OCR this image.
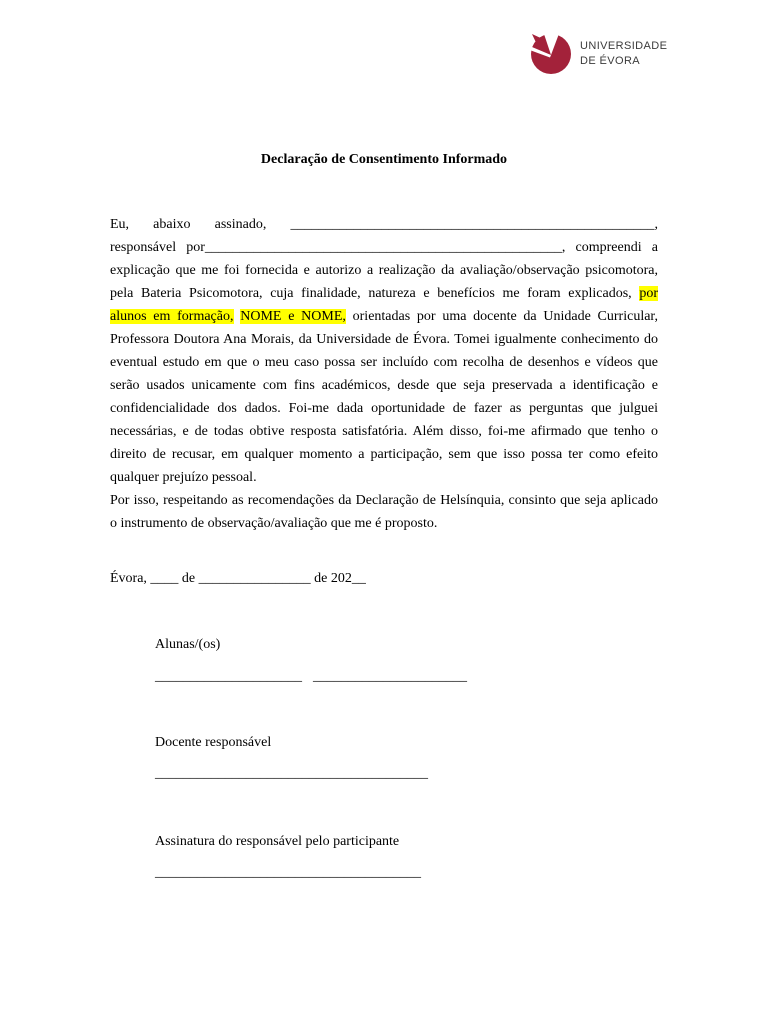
UNIVERSIDADE
DE ÉVORA
Declaração de Consentimento Informado
Eu, abaixo assinado, ____________________________________________________,
responsável por___________________________________________________, compreendi a
explicação que me foi fornecida e autorizo a realização da avaliação/observação psicomotora,
pela Bateria Psicomotora, cuja finalidade, natureza e benefícios me foram explicados, por
alunos em formação, NOME e NOME, orientadas por uma docente da Unidade Curricular,
Professora Doutora Ana Morais, da Universidade de Évora. Tomei igualmente conhecimento do
eventual estudo em que o meu caso possa ser incluído com recolha de desenhos e vídeos que
serão usados unicamente com fins académicos, desde que seja preservada a identificação e
confidencialidade dos dados. Foi-me dada oportunidade de fazer as perguntas que julguei
necessárias, e de todas obtive resposta satisfatória. Além disso, foi-me afirmado que tenho o
direito de recusar, em qualquer momento a participação, sem que isso possa ter como efeito
qualquer prejuízo pessoal.
Por isso, respeitando as recomendações da Declaração de Helsínquia, consinto que seja aplicado
o instrumento de observação/avaliação que me é proposto.
Évora, ____ de ________________ de 202__
Alunas/(os)
_____________________ ______________________
Docente responsável
_______________________________________
Assinatura do responsável pelo participante
______________________________________
